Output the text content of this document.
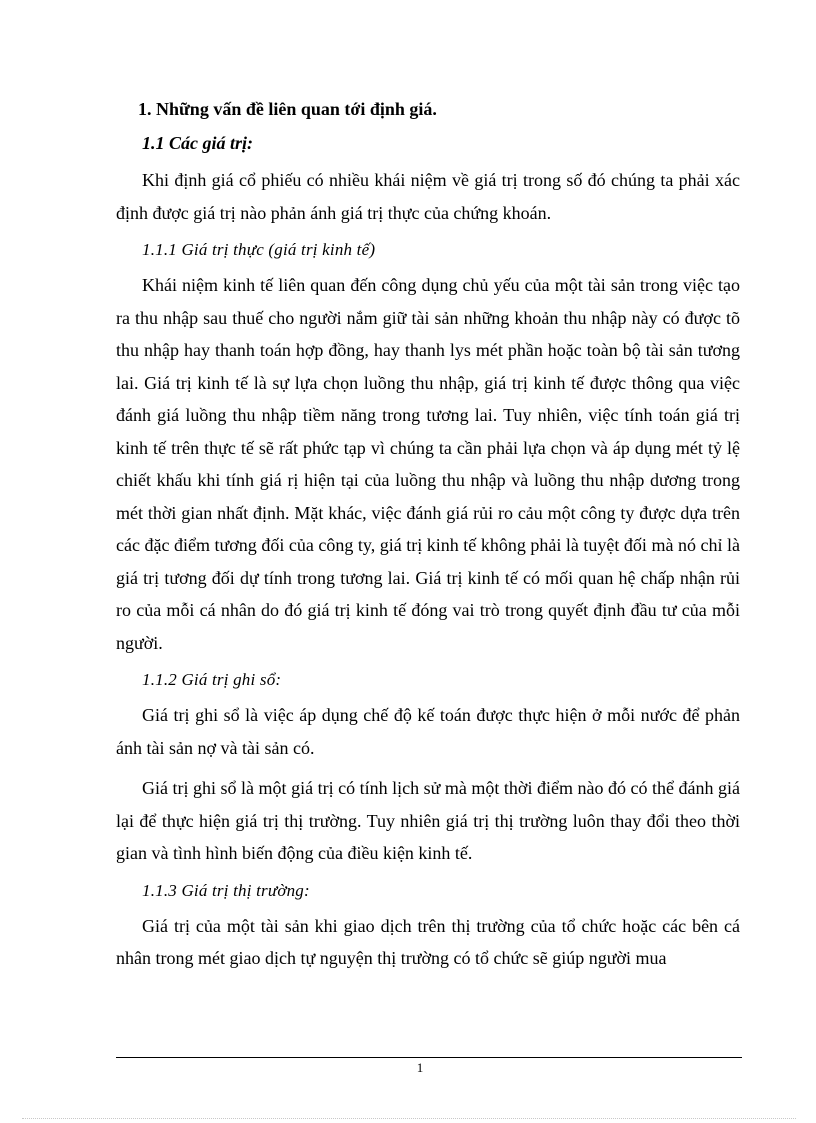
1. Những vấn đề liên quan tới định giá.
1.1 Các giá trị:

Khi định giá cổ phiếu có nhiều khái niệm về giá trị trong số đó chúng ta phải xác định được giá trị nào phản ánh giá trị thực của chứng khoán.

1.1.1 Giá trị thực (giá trị kinh tế)

Khái niệm kinh tế liên quan đến công dụng chủ yếu của một tài sản trong việc tạo ra thu nhập sau thuế cho người nắm giữ tài sản những khoản thu nhập này có được tõ thu nhập hay thanh toán hợp đồng, hay thanh lys mét phần hoặc toàn bộ tài sản tương lai. Giá trị kinh tế là sự lựa chọn luồng thu nhập, giá trị kinh tế được thông qua việc đánh giá luồng thu nhập tiềm năng trong tương lai. Tuy nhiên, việc tính toán giá trị kinh tế trên thực tế sẽ rất phức tạp vì chúng ta cần phải lựa chọn và áp dụng mét tỷ lệ chiết khấu khi tính giá rị hiện tại của luồng thu nhập và luồng thu nhập dương trong mét thời gian nhất định. Mặt khác, việc đánh giá rủi ro cảu một công ty được dựa trên các đặc điểm tương đối của công ty, giá trị kinh tế không phải là tuyệt đối mà nó chỉ là giá trị tương đối dự tính trong tương lai. Giá trị kinh tế có mối quan hệ chấp nhận rủi ro của mỗi cá nhân do đó giá trị kinh tế đóng vai trò trong quyết định đầu tư của mỗi người.

1.1.2 Giá trị ghi sổ:

Giá trị ghi sổ là việc áp dụng chế độ kế toán được thực hiện ở mỗi nước để phản ánh tài sản nợ và tài sản có.

Giá trị ghi sổ là một giá trị có tính lịch sử mà một thời điểm nào đó có thể đánh giá lại để thực hiện giá trị thị trường. Tuy nhiên giá trị thị trường luôn thay đổi theo thời gian và tình hình biến động của điều kiện kinh tế.

1.1.3 Giá trị thị trường:

Giá trị của một tài sản khi giao dịch trên thị trường của tổ chức hoặc các bên cá nhân trong mét giao dịch tự nguyện thị trường có tổ chức sẽ giúp người mua

1
